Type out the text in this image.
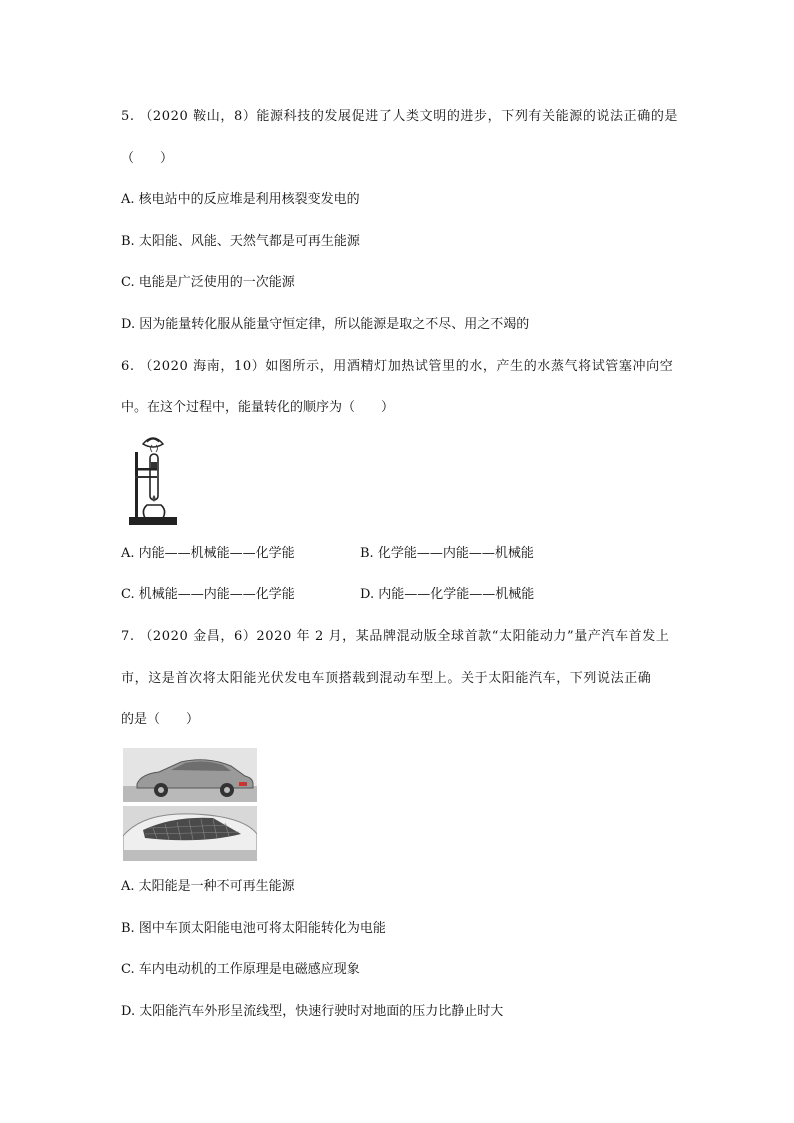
5. （2020 鞍山，8）能源科技的发展促进了人类文明的进步，下列有关能源的说法正确的是
（　　）
A. 核电站中的反应堆是利用核裂变发电的
B. 太阳能、风能、天然气都是可再生能源
C. 电能是广泛使用的一次能源
D. 因为能量转化服从能量守恒定律，所以能源是取之不尽、用之不竭的
6. （2020 海南，10）如图所示，用酒精灯加热试管里的水，产生的水蒸气将试管塞冲向空
中。在这个过程中，能量转化的顺序为（　　）
A. 内能——机械能——化学能	B. 化学能——内能——机械能
C. 机械能——内能——化学能	D. 内能——化学能——机械能
7. （2020 金昌，6）2020 年 2 月，某品牌混动版全球首款“太阳能动力”量产汽车首发上
市，这是首次将太阳能光伏发电车顶搭载到混动车型上。关于太阳能汽车，下列说法正确
的是（　　）
A. 太阳能是一种不可再生能源
B. 图中车顶太阳能电池可将太阳能转化为电能
C. 车内电动机的工作原理是电磁感应现象
D. 太阳能汽车外形呈流线型，快速行驶时对地面的压力比静止时大
